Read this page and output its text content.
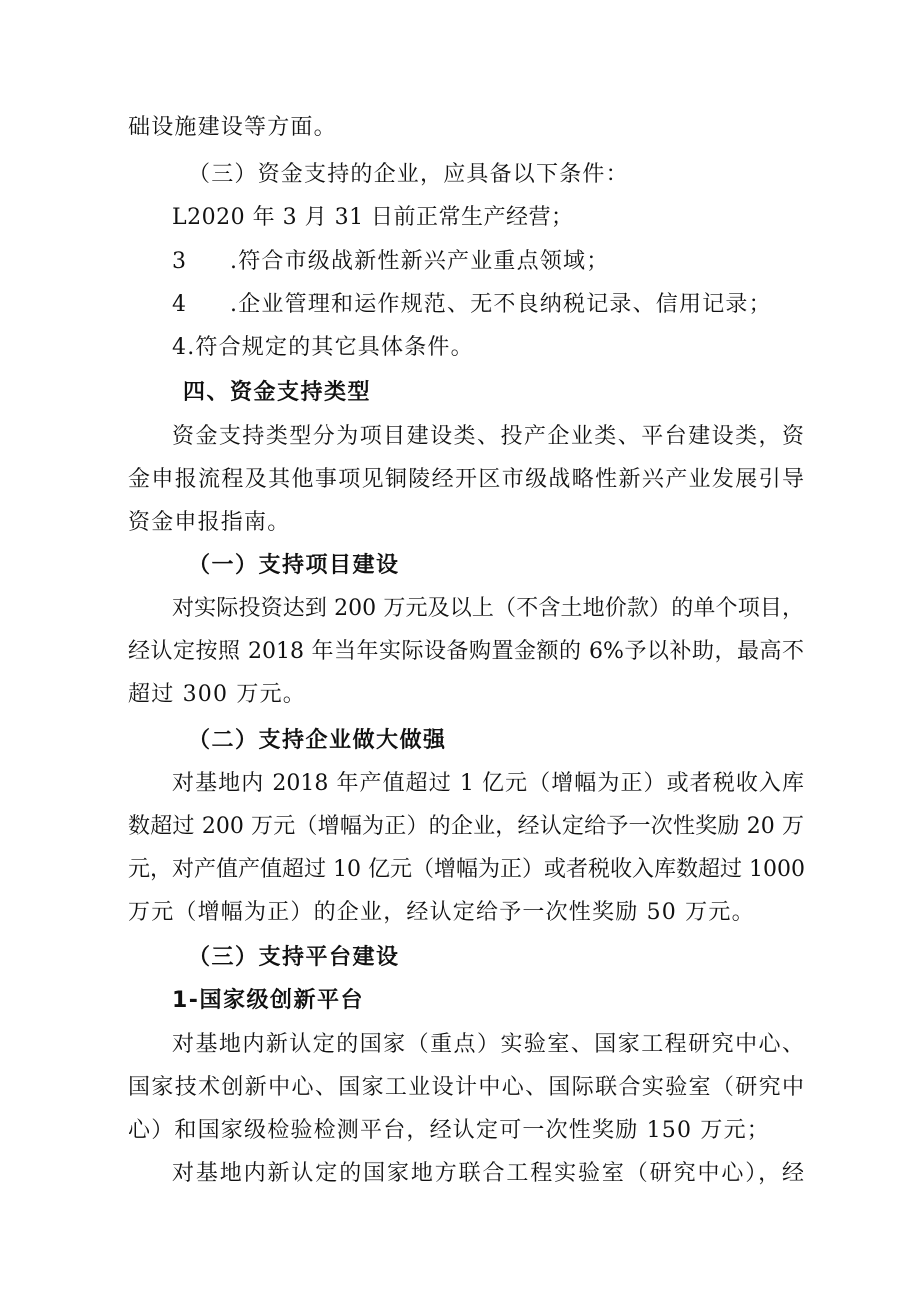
础设施建设等方面。

（三）资金支持的企业，应具备以下条件：

L2020 年 3 月 31 日前正常生产经营；

3 .符合市级战新性新兴产业重点领域；

4 .企业管理和运作规范、无不良纳税记录、信用记录；

4.符合规定的其它具体条件。

四、资金支持类型

资金支持类型分为项目建设类、投产企业类、平台建设类，资

金申报流程及其他事项见铜陵经开区市级战略性新兴产业发展引导

资金申报指南。

（一）支持项目建设

对实际投资达到 200 万元及以上（不含土地价款）的单个项目，

经认定按照 2018 年当年实际设备购置金额的 6%予以补助，最高不

超过 300 万元。

（二）支持企业做大做强

对基地内 2018 年产值超过 1 亿元（增幅为正）或者税收入库

数超过 200 万元（增幅为正）的企业，经认定给予一次性奖励 20 万

元，对产值产值超过 10 亿元（增幅为正）或者税收入库数超过 1000

万元（增幅为正）的企业，经认定给予一次性奖励 50 万元。

（三）支持平台建设

1-国家级创新平台

对基地内新认定的国家（重点）实验室、国家工程研究中心、

国家技术创新中心、国家工业设计中心、国际联合实验室（研究中

心）和国家级检验检测平台，经认定可一次性奖励 150 万元；

对基地内新认定的国家地方联合工程实验室（研究中心），经
